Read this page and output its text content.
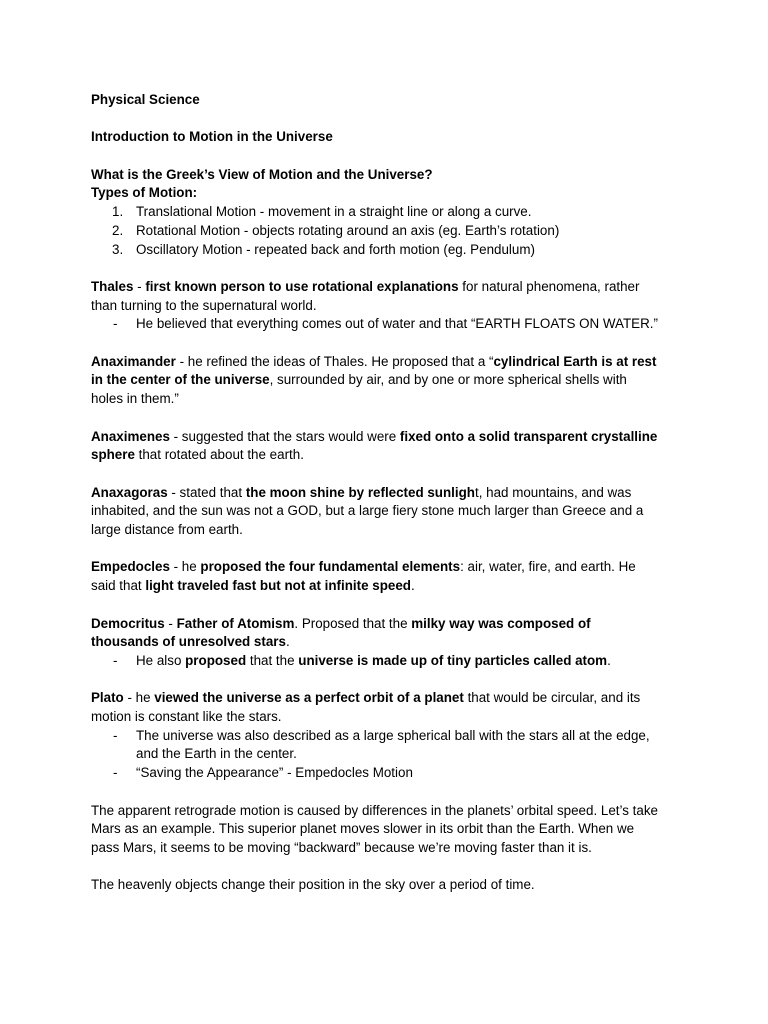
Physical Science

Introduction to Motion in the Universe

What is the Greek’s View of Motion and the Universe?

Types of Motion:

1. Translational Motion - movement in a straight line or along a curve.
2. Rotational Motion - objects rotating around an axis (eg. Earth’s rotation)
3. Oscillatory Motion - repeated back and forth motion (eg. Pendulum)

Thales - first known person to use rotational explanations for natural phenomena, rather

than turning to the supernatural world.

- He believed that everything comes out of water and that “EARTH FLOATS ON WATER.”

Anaximander - he refined the ideas of Thales. He proposed that a “cylindrical Earth is at rest

in the center of the universe, surrounded by air, and by one or more spherical shells with

holes in them.”

Anaximenes - suggested that the stars would were fixed onto a solid transparent crystalline

sphere that rotated about the earth.

Anaxagoras - stated that the moon shine by reflected sunlight, had mountains, and was

inhabited, and the sun was not a GOD, but a large fiery stone much larger than Greece and a

large distance from earth.

Empedocles - he proposed the four fundamental elements: air, water, fire, and earth. He

said that light traveled fast but not at infinite speed.

Democritus - Father of Atomism. Proposed that the milky way was composed of

thousands of unresolved stars.

- He also proposed that the universe is made up of tiny particles called atom.

Plato - he viewed the universe as a perfect orbit of a planet that would be circular, and its

motion is constant like the stars.

- The universe was also described as a large spherical ball with the stars all at the edge,
and the Earth in the center.
- “Saving the Appearance” - Empedocles Motion

The apparent retrograde motion is caused by differences in the planets’ orbital speed. Let’s take

Mars as an example. This superior planet moves slower in its orbit than the Earth. When we

pass Mars, it seems to be moving “backward” because we’re moving faster than it is.

The heavenly objects change their position in the sky over a period of time.
